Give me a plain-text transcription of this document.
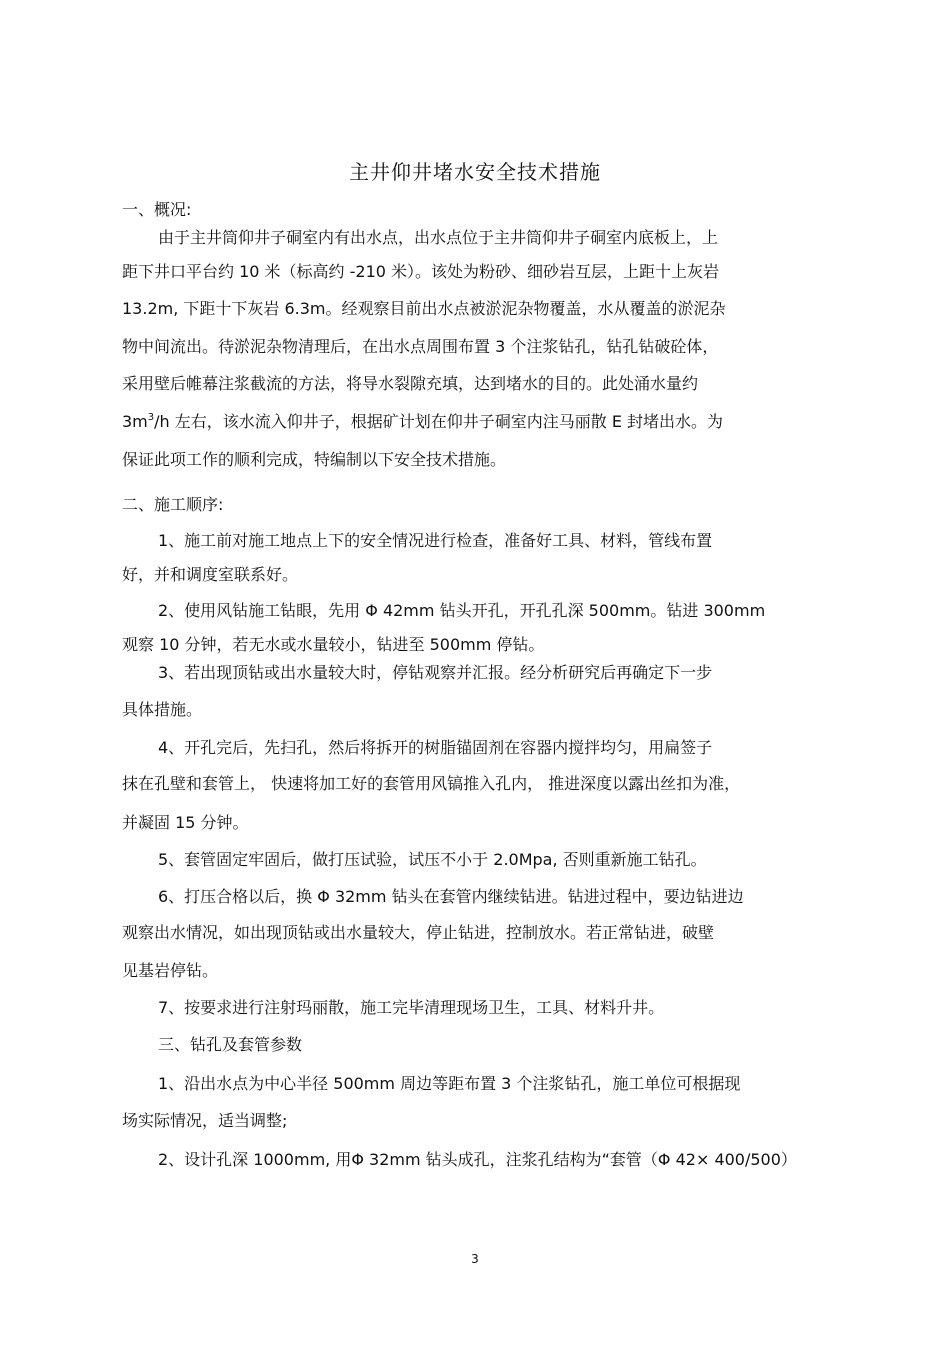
主井仰井堵水安全技术措施
一、概况:
由于主井筒仰井子硐室内有出水点，出水点位于主井筒仰井子硐室内底板上，上
距下井口平台约 10 米（标高约 -210 米）。该处为粉砂、细砂岩互层，上距十上灰岩
13.2m, 下距十下灰岩 6.3m。经观察目前出水点被淤泥杂物覆盖，水从覆盖的淤泥杂
物中间流出。待淤泥杂物清理后，在出水点周围布置 3 个注浆钻孔，钻孔钻破砼体，
采用壁后帷幕注浆截流的方法，将导水裂隙充填，达到堵水的目的。此处涌水量约
$3m^3/h$ 左右，该水流入仰井子，根据矿计划在仰井子硐室内注马丽散 E 封堵出水。为
保证此项工作的顺利完成，特编制以下安全技术措施。
二、施工顺序:
1、施工前对施工地点上下的安全情况进行检查，准备好工具、材料，管线布置
好，并和调度室联系好。
2、使用风钻施工钻眼，先用 Φ 42mm 钻头开孔，开孔孔深 500mm。钻进 300mm
观察 10 分钟，若无水或水量较小，钻进至 500mm 停钻。
3、若出现顶钻或出水量较大时，停钻观察并汇报。经分析研究后再确定下一步
具体措施。
4、开孔完后，先扫孔，然后将拆开的树脂锚固剂在容器内搅拌均匀，用扁签子
抹在孔壁和套管上， 快速将加工好的套管用风镐推入孔内， 推进深度以露出丝扣为准，
并凝固 15 分钟。
5、套管固定牢固后，做打压试验，试压不小于 2.0Mpa, 否则重新施工钻孔。
6、打压合格以后，换 Φ 32mm 钻头在套管内继续钻进。钻进过程中，要边钻进边
观察出水情况，如出现顶钻或出水量较大，停止钻进，控制放水。若正常钻进，破壁
见基岩停钻。
7、按要求进行注射玛丽散，施工完毕清理现场卫生，工具、材料升井。
三、钻孔及套管参数
1、沿出水点为中心半径 500mm 周边等距布置 3 个注浆钻孔，施工单位可根据现
场实际情况，适当调整;
2、设计孔深 1000mm, 用Φ 32mm 钻头成孔，注浆孔结构为“套管（Φ 42× 400/500）
3
